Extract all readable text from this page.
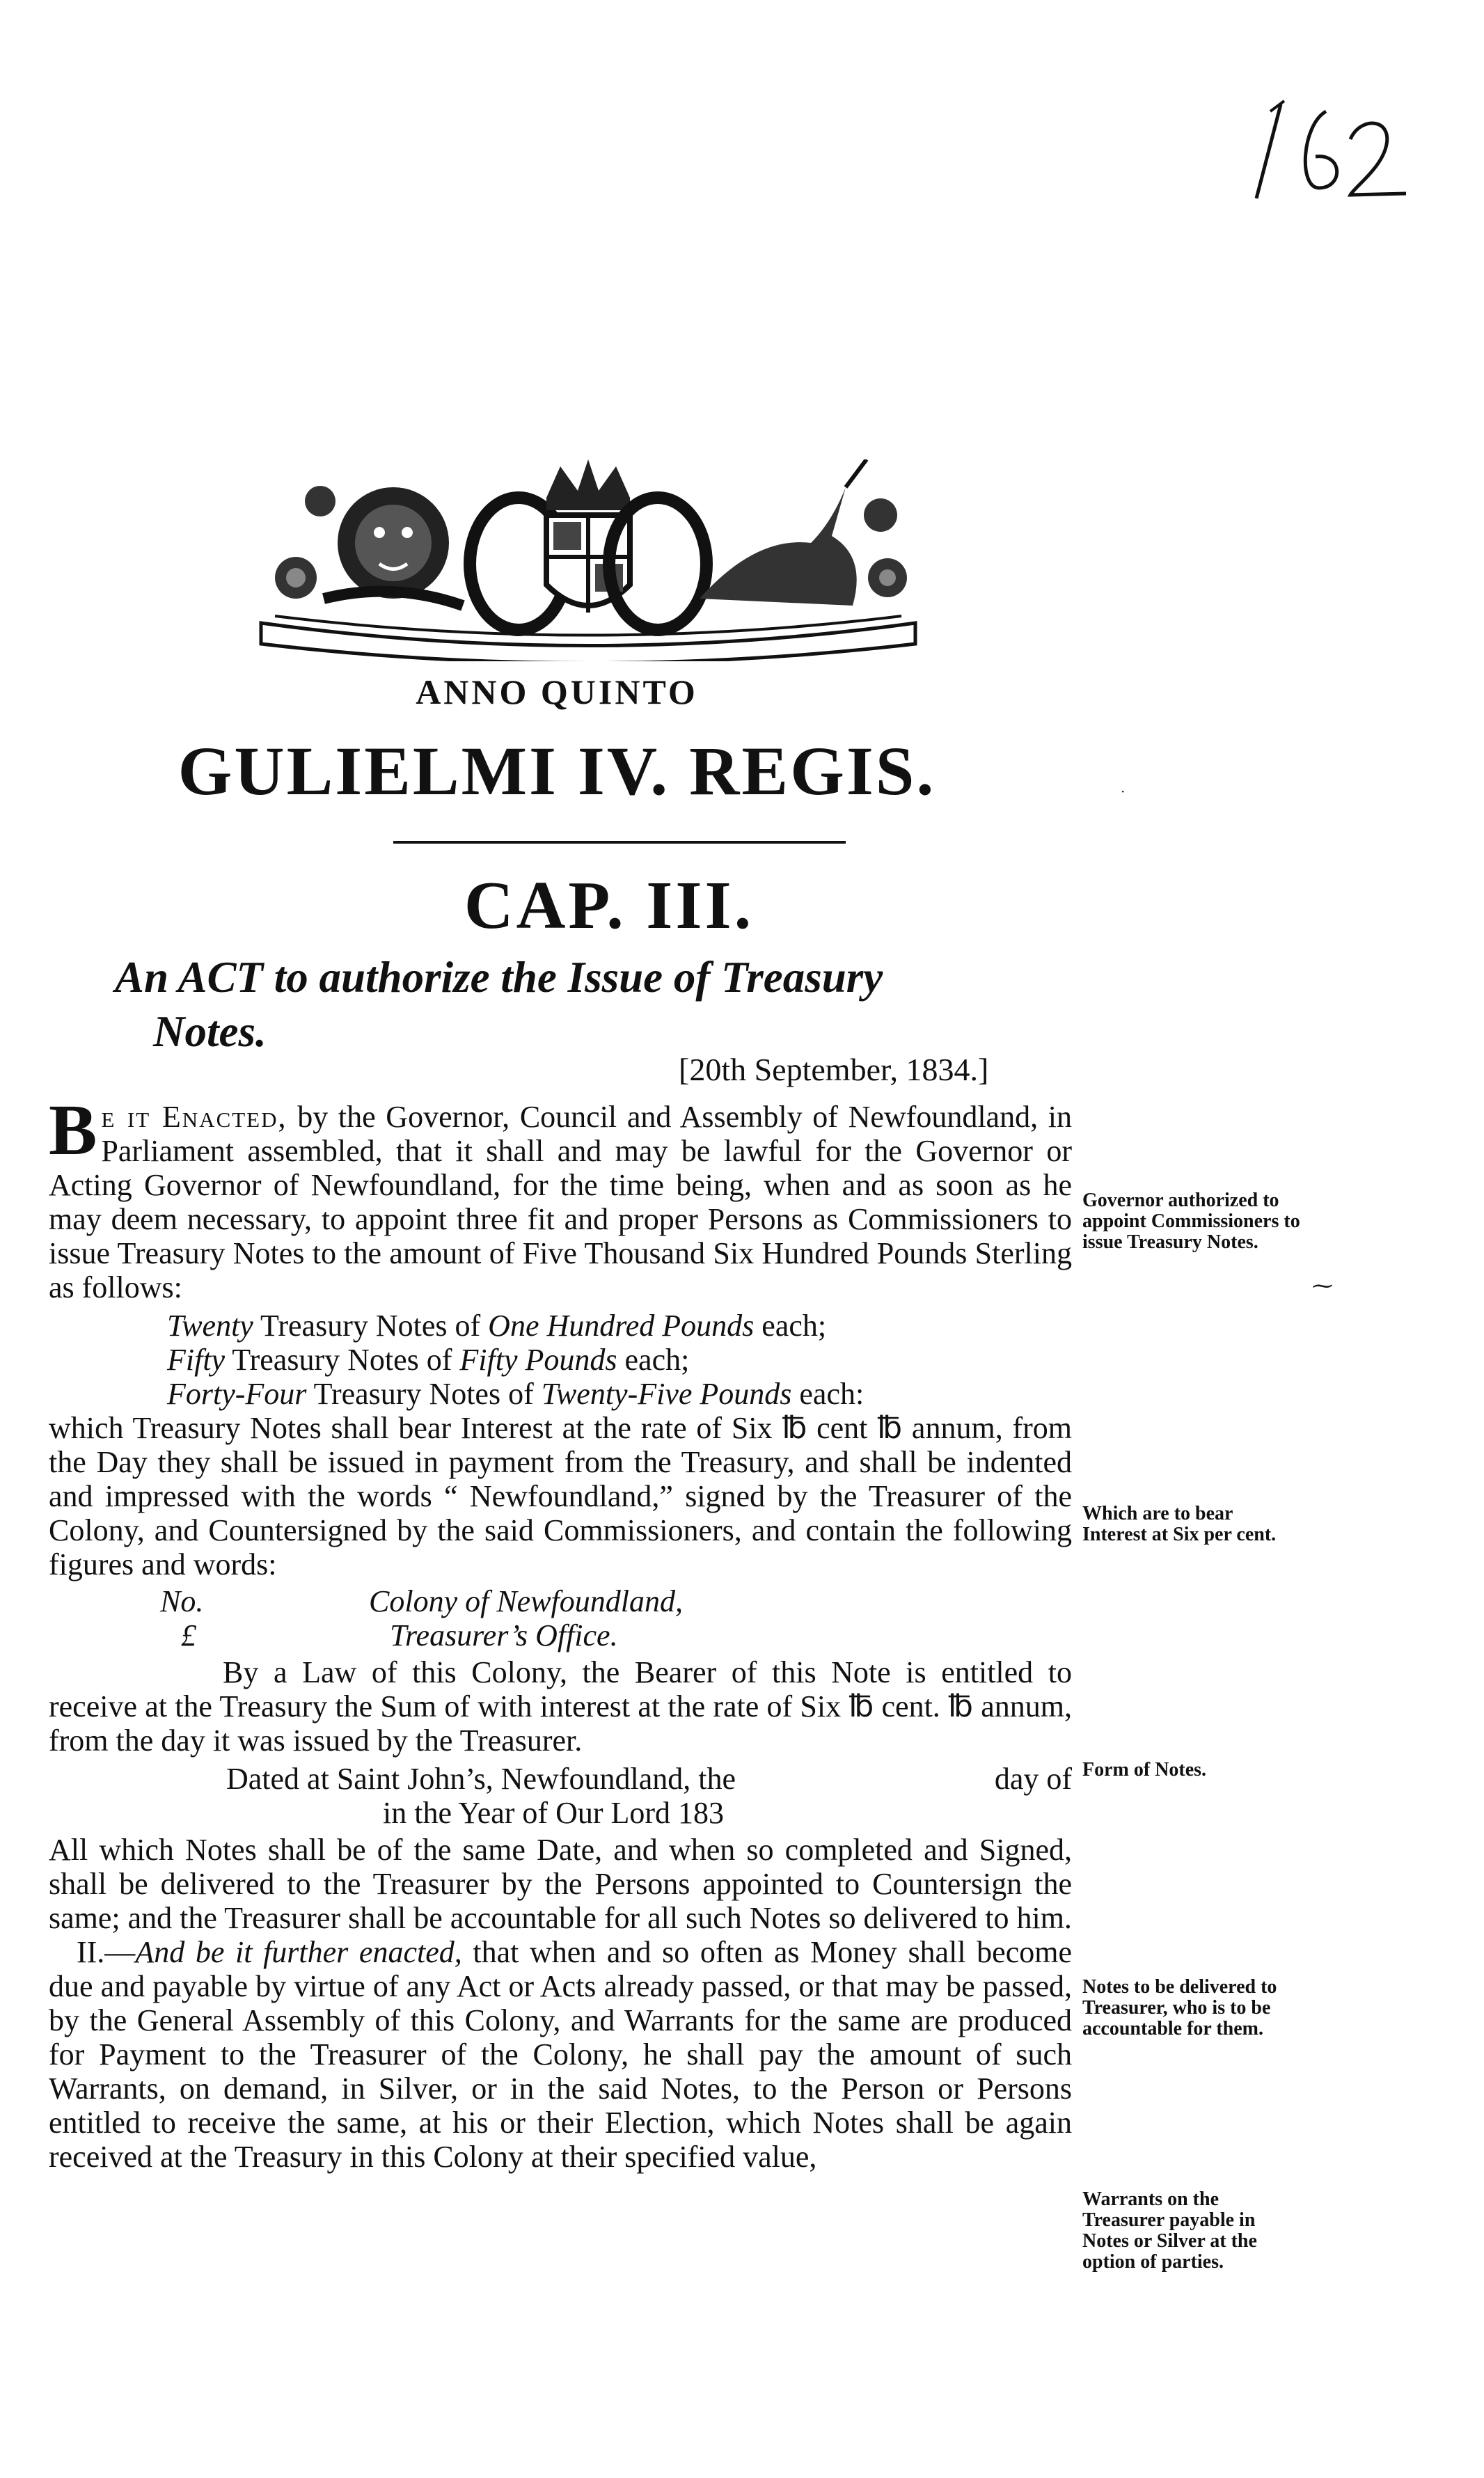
·
ANNO QUINTO
GULIELMI IV. REGIS.
CAP. III.
An ACT to authorize the Issue of Treasury
Notes.
[20th September, 1834.]

Be it Enacted, by the Governor, Council and Assembly of Newfoundland, in Parliament assembled, that it shall and may be lawful for the Governor or Acting Governor of Newfoundland, for the time being, when and as soon as he may deem necessary, to appoint three fit and proper Persons as Commissioners to issue Treasury Notes to the amount of Five Thousand Six Hundred Pounds Sterling as follows:

Twenty Treasury Notes of One Hundred Pounds each;
Fifty Treasury Notes of Fifty Pounds each;
Forty-Four Treasury Notes of Twenty-Five Pounds each:

which Treasury Notes shall bear Interest at the rate of Six ℔ cent ℔ annum, from the Day they shall be issued in payment from the Treasury, and shall be indented and impressed with the words “ Newfoundland,” signed by the Treasurer of the Colony, and Countersigned by the said Commissioners, and contain the following figures and words:

No.	Colony of Newfoundland,
£	Treasurer’s Office.

By a Law of this Colony, the Bearer of this Note is entitled to receive at the Treasury the Sum of with interest at the rate of Six ℔ cent. ℔ annum, from the day it was issued by the Treasurer.

Dated at Saint John’s, Newfoundland, the	day of
in the Year of Our Lord 183

All which Notes shall be of the same Date, and when so completed and Signed, shall be delivered to the Treasurer by the Persons appointed to Countersign the same; and the Treasurer shall be accountable for all such Notes so delivered to him.

II.—And be it further enacted, that when and so often as Money shall become due and payable by virtue of any Act or Acts already passed, or that may be passed, by the General Assembly of this Colony, and Warrants for the same are produced for Payment to the Treasurer of the Colony, he shall pay the amount of such Warrants, on demand, in Silver, or in the said Notes, to the Person or Persons entitled to receive the same, at his or their Election, which Notes shall be again received at the Treasury in this Colony at their specified value,

Governor authorized to appoint Commissioners to issue Treasury Notes.
⁓
Which are to bear Interest at Six per cent.
Form of Notes.
Notes to be delivered to Treasurer, who is to be accountable for them.
Warrants on the Treasurer payable in Notes or Silver at the option of parties.
